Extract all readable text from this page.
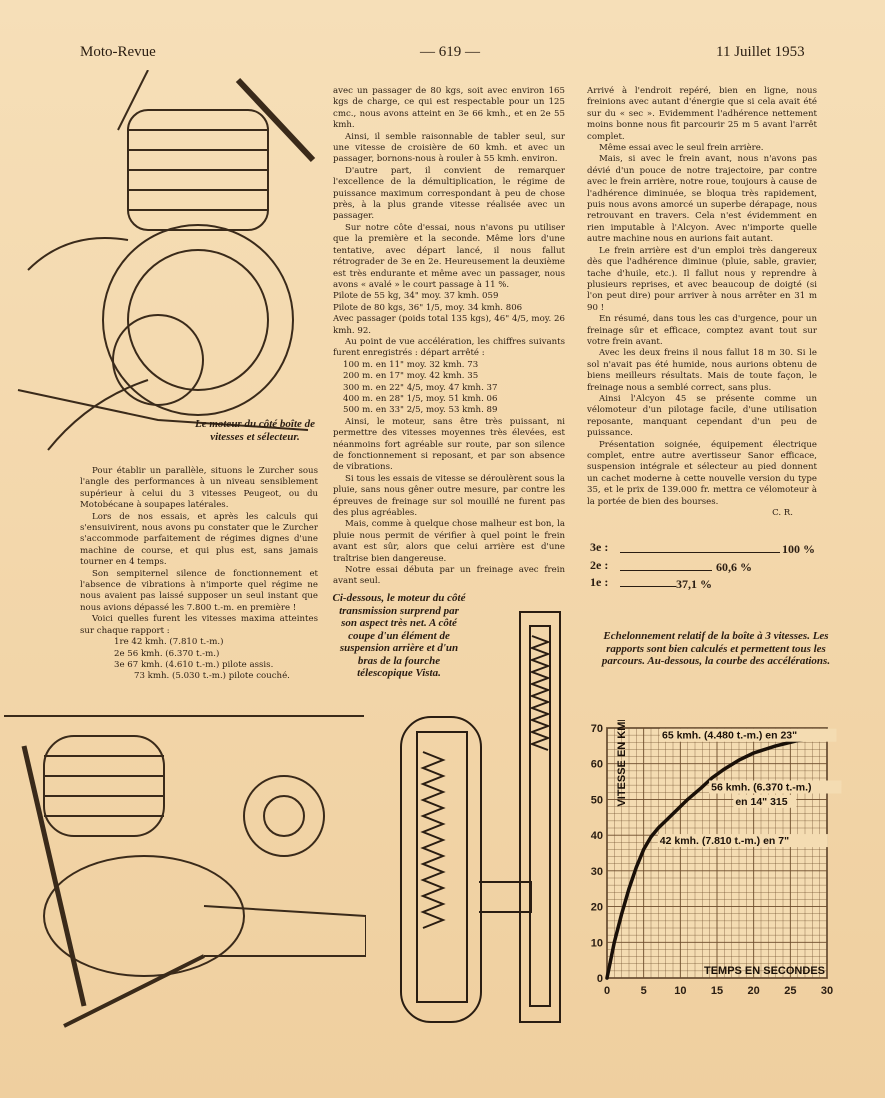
Moto-Revue	— 619 —	11 Juillet 1953
Le moteur du côté boîte de vitesses et sélecteur.

Pour établir un parallèle, situons le Zurcher sous l'angle des performances à un niveau sensiblement supérieur à celui du 3 vitesses Peugeot, ou du Motobécane à soupapes latérales.

Lors de nos essais, et après les calculs qui s'ensuivirent, nous avons pu constater que le Zurcher s'accommode parfaitement de régimes dignes d'une machine de course, et qui plus est, sans jamais tourner en 4 temps.

Son sempiternel silence de fonctionnement et l'absence de vibrations à n'importe quel régime ne nous avaient pas laissé supposer un seul instant que nous avions dépassé les 7.800 t.-m. en première !

Voici quelles furent les vitesses maxima atteintes sur chaque rapport :

1re 42 kmh. (7.810 t.-m.)
2e 56 kmh. (6.370 t.-m.)
3e 67 kmh. (4.610 t.-m.) pilote assis.
73 kmh. (5.030 t.-m.) pilote couché.

avec un passager de 80 kgs, soit avec environ 165 kgs de charge, ce qui est respectable pour un 125 cmc., nous avons atteint en 3e 66 kmh., et en 2e 55 kmh.

Ainsi, il semble raisonnable de tabler seul, sur une vitesse de croisière de 60 kmh. et avec un passager, bornons-nous à rouler à 55 kmh. environ.

D'autre part, il convient de remarquer l'excellence de la démultiplication, le régime de puissance maximum correspondant à peu de chose près, à la plus grande vitesse réalisée avec un passager.

Sur notre côte d'essai, nous n'avons pu utiliser que la première et la seconde. Même lors d'une tentative, avec départ lancé, il nous fallut rétrograder de 3e en 2e. Heureusement la deuxième est très endurante et même avec un passager, nous avons « avalé » le court passage à 11 %.

Pilote de 55 kg, 34" moy. 37 kmh. 059
Pilote de 80 kgs, 36" 1/5, moy. 34 kmh. 806
Avec passager (poids total 135 kgs), 46" 4/5, moy. 26 kmh. 92.

Au point de vue accélération, les chiffres suivants furent enregistrés : départ arrêté :

100 m. en 11" moy. 32 kmh. 73
200 m. en 17" moy. 42 kmh. 35
300 m. en 22" 4/5, moy. 47 kmh. 37
400 m. en 28" 1/5, moy. 51 kmh. 06
500 m. en 33" 2/5, moy. 53 kmh. 89

Ainsi, le moteur, sans être très puissant, ni permettre des vitesses moyennes très élevées, est néanmoins fort agréable sur route, par son silence de fonctionnement si reposant, et par son absence de vibrations.

Si tous les essais de vitesse se déroulèrent sous la pluie, sans nous gêner outre mesure, par contre les épreuves de freinage sur sol mouillé ne furent pas des plus agréables.

Mais, comme à quelque chose malheur est bon, la pluie nous permit de vérifier à quel point le frein avant est sûr, alors que celui arrière est d'une traîtrise bien dangereuse.

Notre essai débuta par un freinage avec frein avant seul.

Ci-dessous, le moteur du côté transmission surprend par son aspect très net. A côté coupe d'un élément de suspension arrière et d'un bras de la fourche télescopique Vista.

Arrivé à l'endroit repéré, bien en ligne, nous freinions avec autant d'énergie que si cela avait été sur du « sec ». Evidemment l'adhérence nettement moins bonne nous fit parcourir 25 m 5 avant l'arrêt complet.

Même essai avec le seul frein arrière.

Mais, si avec le frein avant, nous n'avons pas dévié d'un pouce de notre trajectoire, par contre avec le frein arrière, notre roue, toujours à cause de l'adhérence diminuée, se bloqua très rapidement, puis nous avons amorcé un superbe dérapage, nous retrouvant en travers. Cela n'est évidemment en rien imputable à l'Alcyon. Avec n'importe quelle autre machine nous en aurions fait autant.

Le frein arrière est d'un emploi très dangereux dès que l'adhérence diminue (pluie, sable, gravier, tache d'huile, etc.). Il fallut nous y reprendre à plusieurs reprises, et avec beaucoup de doigté (si l'on peut dire) pour arriver à nous arrêter en 31 m 90 !

En résumé, dans tous les cas d'urgence, pour un freinage sûr et efficace, comptez avant tout sur votre frein avant.

Avec les deux freins il nous fallut 18 m 30. Si le sol n'avait pas été humide, nous aurions obtenu de biens meilleurs résultats. Mais de toute façon, le freinage nous a semblé correct, sans plus.

Ainsi l'Alcyon 45 se présente comme un vélomoteur d'un pilotage facile, d'une utilisation reposante, manquant cependant d'un peu de puissance.

Présentation soignée, équipement électrique complet, entre autre avertisseur Sanor efficace, suspension intégrale et sélecteur au pied donnent un cachet moderne à cette nouvelle version du type 35, et le prix de 139.000 fr. mettra ce vélomoteur à la portée de bien des bourses.

C. R.
3e :	100 %
2e :	60,6 %
1e :	37,1 %
Echelonnement relatif de la boîte à 3 vitesses. Les rapports sont bien calculés et permettent tous les parcours. Au-dessous, la courbe des accélérations.
0	5 10 15 20 25 30
0
10
20
30
40
50
60
70
TEMPS EN SECONDES
VITESSE EN KMH	65 kmh. (4.480 t.-m.) en 23"
56 kmh. (6.370 t.-m.)
en 14" 315
42 kmh. (7.810 t.-m.) en 7"
